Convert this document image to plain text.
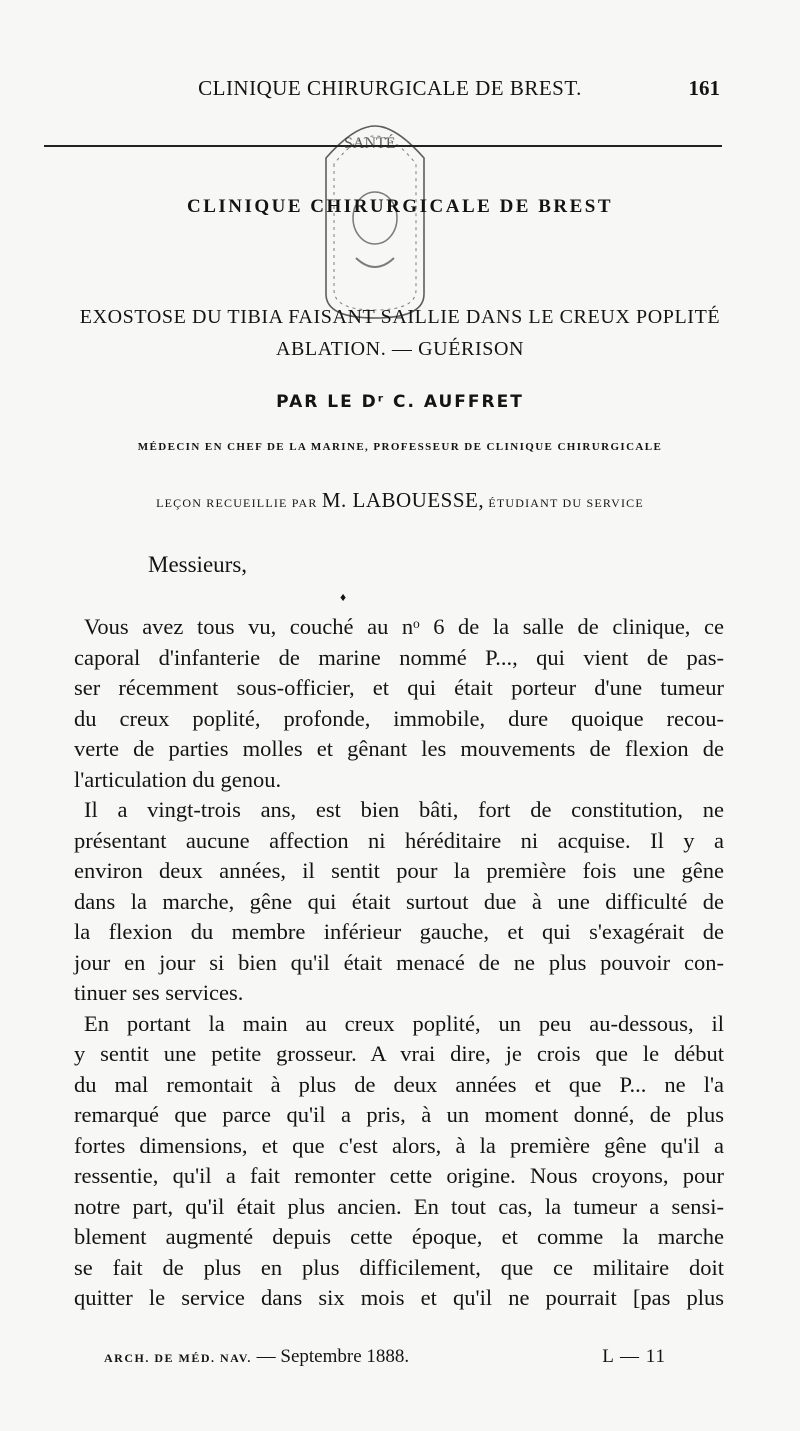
CLINIQUE CHIRURGICALE DE BREST.	161
SANTÉ
CLINIQUE CHIRURGICALE DE BREST
EXOSTOSE DU TIBIA FAISANT SAILLIE DANS LE CREUX POPLITÉ
ABLATION. — GUÉRISON
PAR LE Dʳ C. AUFFRET
MÉDECIN EN CHEF DE LA MARINE, PROFESSEUR DE CLINIQUE CHIRURGICALE
LEÇON RECUEILLIE PAR M. LABOUESSE, ÉTUDIANT DU SERVICE
Messieurs,
♦
Vous avez tous vu, couché au nᵒ 6 de la salle de clinique, ce
caporal d'infanterie de marine nommé P..., qui vient de pas-
ser récemment sous-officier, et qui était porteur d'une tumeur
du creux poplité, profonde, immobile, dure quoique recou-
verte de parties molles et gênant les mouvements de flexion de
l'articulation du genou.
Il a vingt-trois ans, est bien bâti, fort de constitution, ne
présentant aucune affection ni héréditaire ni acquise. Il y a
environ deux années, il sentit pour la première fois une gêne
dans la marche, gêne qui était surtout due à une difficulté de
la flexion du membre inférieur gauche, et qui s'exagérait de
jour en jour si bien qu'il était menacé de ne plus pouvoir con-
tinuer ses services.
En portant la main au creux poplité, un peu au-dessous, il
y sentit une petite grosseur. A vrai dire, je crois que le début
du mal remontait à plus de deux années et que P... ne l'a
remarqué que parce qu'il a pris, à un moment donné, de plus
fortes dimensions, et que c'est alors, à la première gêne qu'il a
ressentie, qu'il a fait remonter cette origine. Nous croyons, pour
notre part, qu'il était plus ancien. En tout cas, la tumeur a sensi-
blement augmenté depuis cette époque, et comme la marche
se fait de plus en plus difficilement, que ce militaire doit
quitter le service dans six mois et qu'il ne pourrait [pas plus
ARCH. DE MÉD. NAV. — Septembre 1888.	L — 11
